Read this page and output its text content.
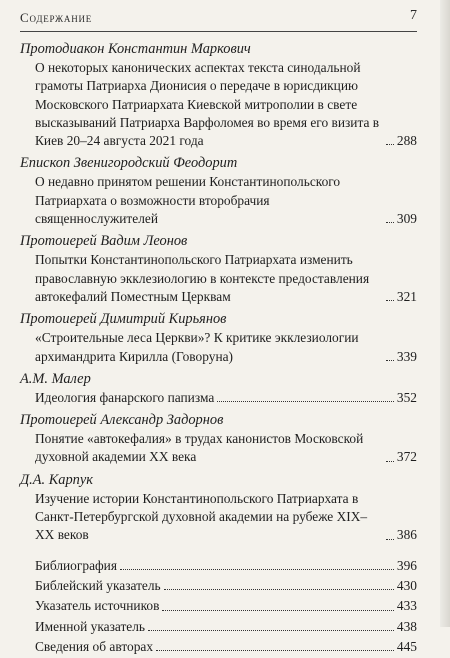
Содержание	7
Протодиакон Константин Маркович
О некоторых канонических аспектах текста синодальной грамоты Патриарха Дионисия о передаче в юрисдикцию Московского Патриархата Киевской митрополии в свете высказываний Патриарха Варфоломея во время его визита в Киев 20–24 августа 2021 года	288
Епископ Звенигородский Феодорит
О недавно принятом решении Константинопольского Патриархата о возможности второбрачия священнослужителей	309
Протоиерей Вадим Леонов
Попытки Константинопольского Патриархата изменить православную экклезиологию в контексте предоставления автокефалий Поместным Церквам	321
Протоиерей Димитрий Кирьянов
«Строительные леса Церкви»? К критике экклезиологии архимандрита Кирилла (Говоруна)	339
А.М. Малер
Идеология фанарского папизма	352
Протоиерей Александр Задорнов
Понятие «автокефалия» в трудах канонистов Московской духовной академии XX века	372
Д.А. Карпук
Изучение истории Константинопольского Патриархата в Санкт-Петербургской духовной академии на рубеже XIX–XX веков	386
Библиография	396
Библейский указатель	430
Указатель источников	433
Именной указатель	438
Сведения об авторах	445
